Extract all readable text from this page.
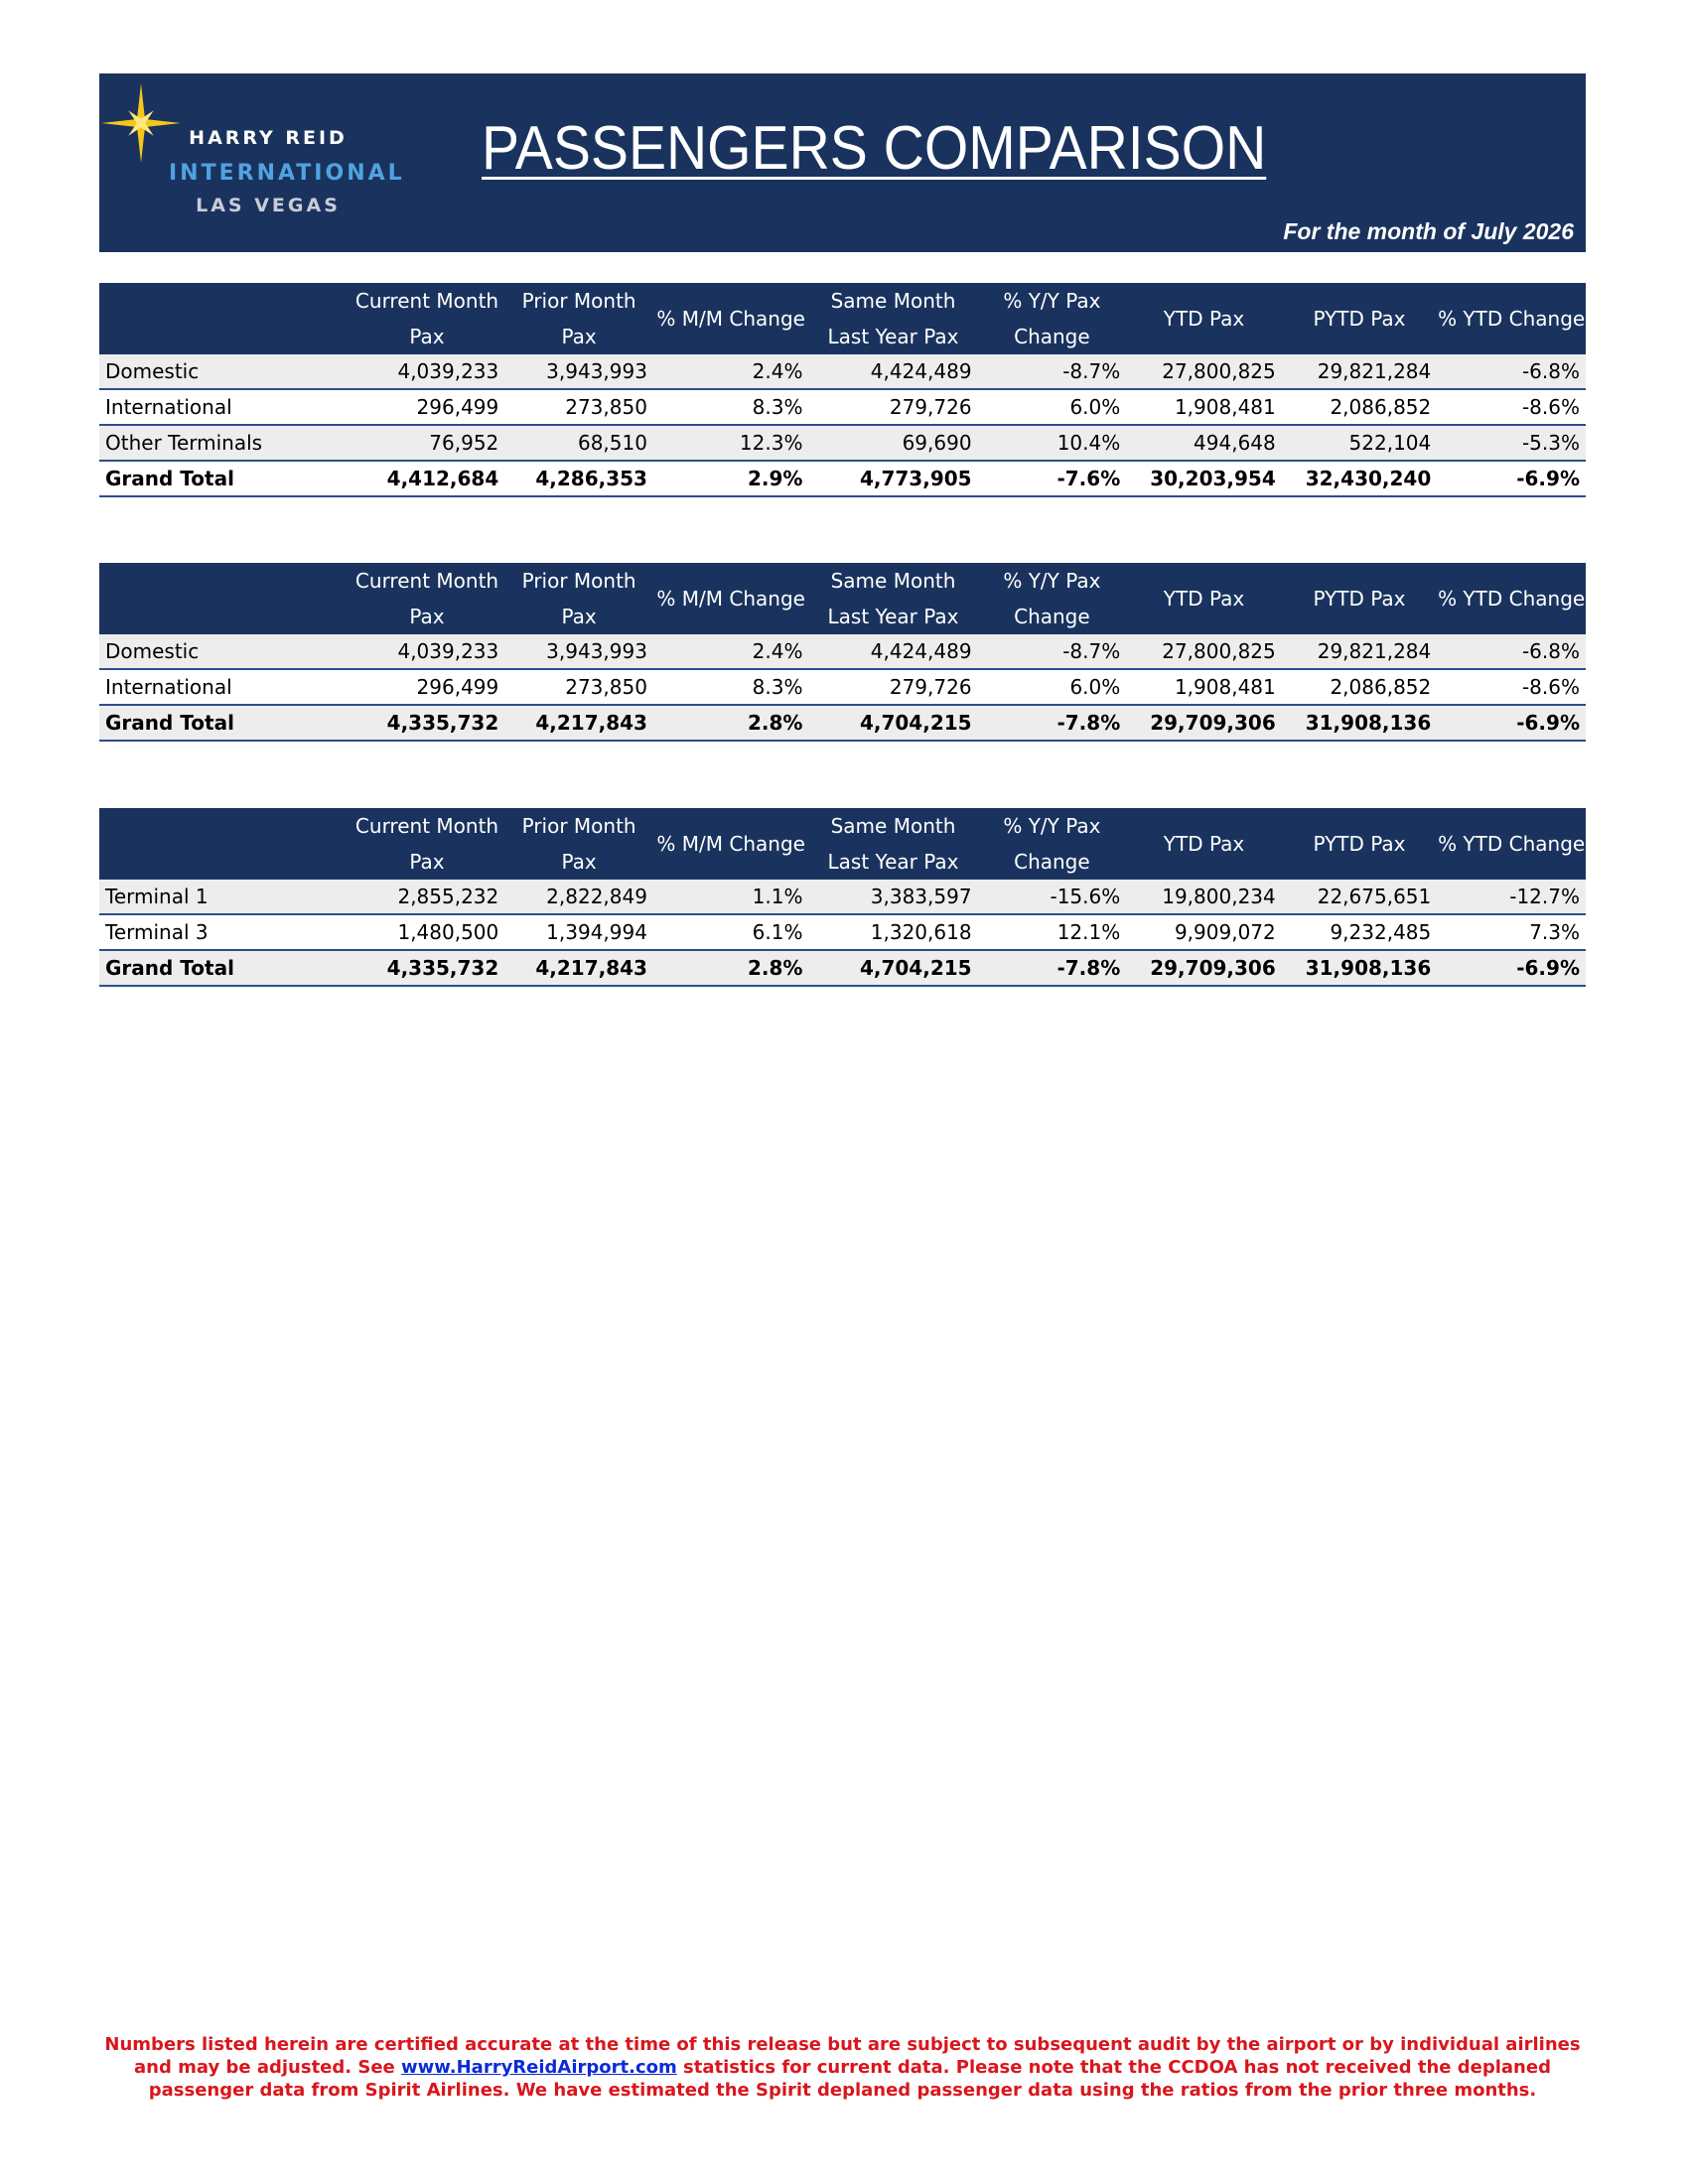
HARRY REID
INTERNATIONAL
LAS VEGAS
PASSENGERS COMPARISON
For the month of July 2026
	Current Month Pax	Prior Month Pax	% M/M Change	Same Month Last Year Pax	% Y/Y Pax Change	YTD Pax	PYTD Pax	% YTD Change
Domestic	4,039,233	3,943,993	2.4%	4,424,489	-8.7%	27,800,825	29,821,284	-6.8%
International	296,499	273,850	8.3%	279,726	6.0%	1,908,481	2,086,852	-8.6%
Other Terminals	76,952	68,510	12.3%	69,690	10.4%	494,648	522,104	-5.3%
Grand Total	4,412,684	4,286,353	2.9%	4,773,905	-7.6%	30,203,954	32,430,240	-6.9%
	Current Month Pax	Prior Month Pax	% M/M Change	Same Month Last Year Pax	% Y/Y Pax Change	YTD Pax	PYTD Pax	% YTD Change
Domestic	4,039,233	3,943,993	2.4%	4,424,489	-8.7%	27,800,825	29,821,284	-6.8%
International	296,499	273,850	8.3%	279,726	6.0%	1,908,481	2,086,852	-8.6%
Grand Total	4,335,732	4,217,843	2.8%	4,704,215	-7.8%	29,709,306	31,908,136	-6.9%
	Current Month Pax	Prior Month Pax	% M/M Change	Same Month Last Year Pax	% Y/Y Pax Change	YTD Pax	PYTD Pax	% YTD Change
Terminal 1	2,855,232	2,822,849	1.1%	3,383,597	-15.6%	19,800,234	22,675,651	-12.7%
Terminal 3	1,480,500	1,394,994	6.1%	1,320,618	12.1%	9,909,072	9,232,485	7.3%
Grand Total	4,335,732	4,217,843	2.8%	4,704,215	-7.8%	29,709,306	31,908,136	-6.9%
Numbers listed herein are certified accurate at the time of this release but are subject to subsequent audit by the airport or by individual airlines and may be adjusted. See www.HarryReidAirport.com statistics for current data. Please note that the CCDOA has not received the deplaned passenger data from Spirit Airlines. We have estimated the Spirit deplaned passenger data using the ratios from the prior three months.
